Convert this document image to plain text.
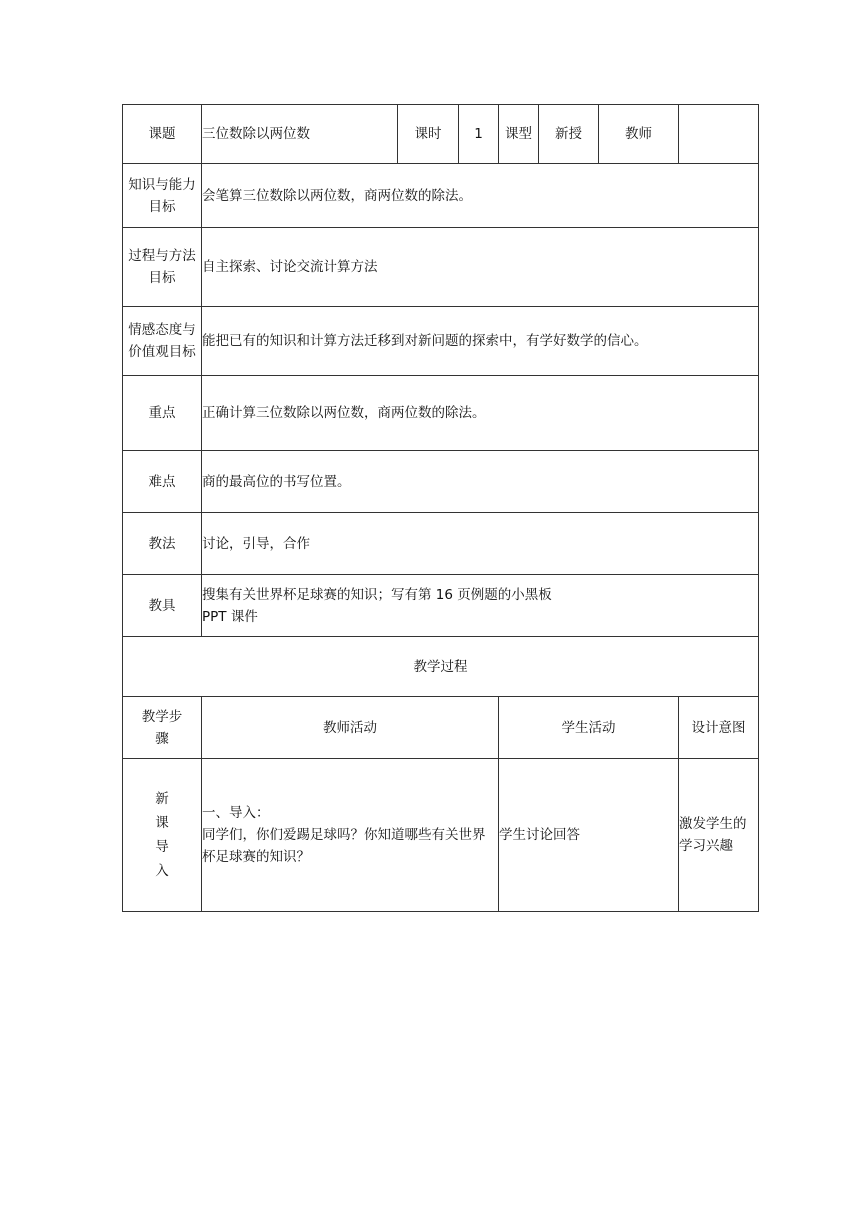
课题	三位数除以两位数	课时	1	课型	新授	教师	
知识与能力目标	会笔算三位数除以两位数，商两位数的除法。						
过程与方法目标	自主探索、讨论交流计算方法						
情感态度与价值观目标	能把已有的知识和计算方法迁移到对新问题的探索中，有学好数学的信心。						
重点	正确计算三位数除以两位数，商两位数的除法。						
难点	商的最高位的书写位置。						
教法	讨论，引导，合作						
教具	搜集有关世界杯足球赛的知识；写有第 16 页例题的小黑板
PPT 课件						

教学过程							
教学步骤	教师活动			学生活动			设计意图

新课导入	一、导入：
同学们，你们爱踢足球吗？你知道哪些有关世界杯足球赛的知识？			学生讨论回答			激发学生的学习兴趣
